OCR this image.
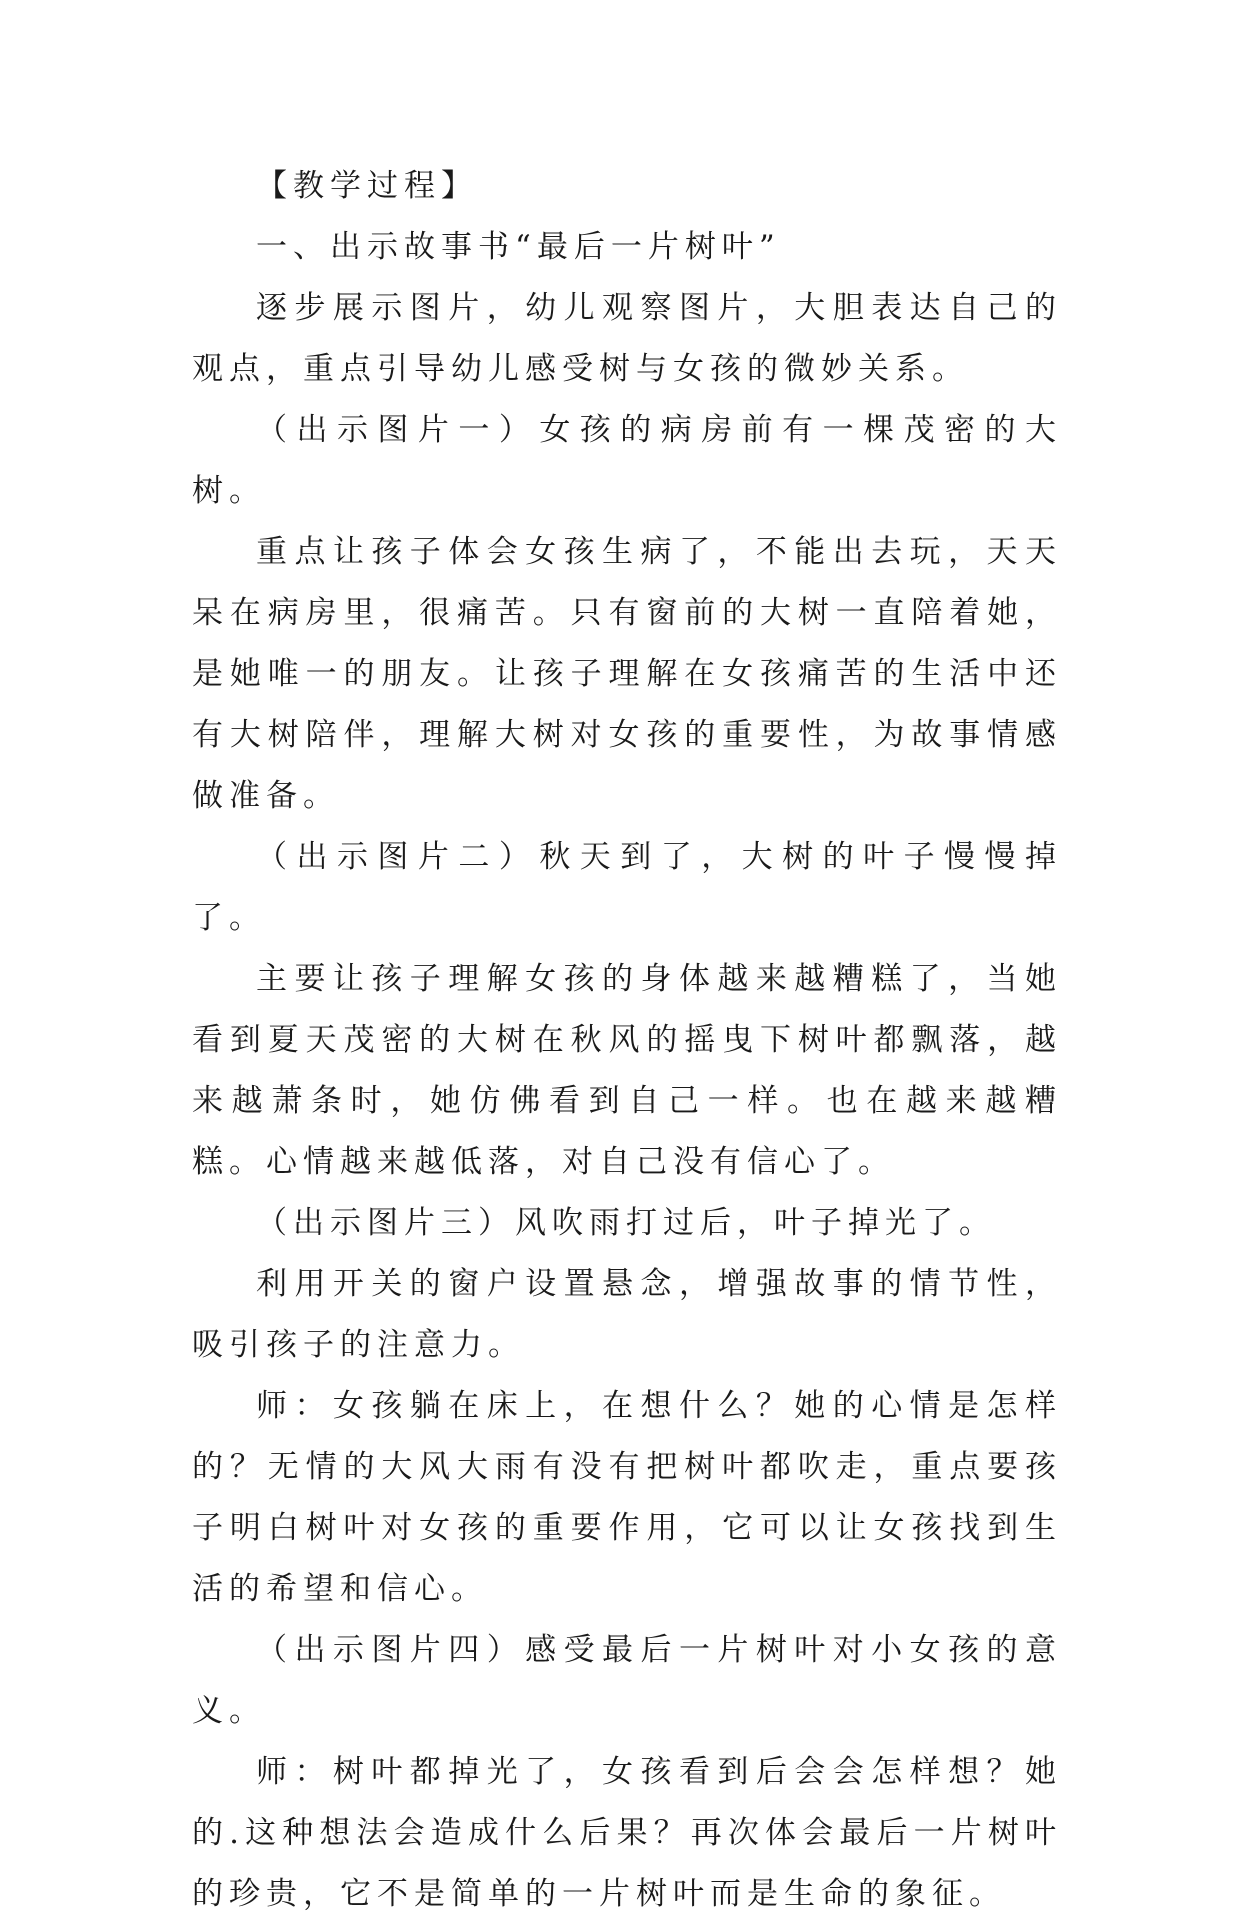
【教学过程】

一、出示故事书“最后一片树叶”

逐步展示图片，幼儿观察图片，大胆表达自己的观点，重点引导幼儿感受树与女孩的微妙关系。

（出示图片一）女孩的病房前有一棵茂密的大树。

重点让孩子体会女孩生病了，不能出去玩，天天呆在病房里，很痛苦。只有窗前的大树一直陪着她，是她唯一的朋友。让孩子理解在女孩痛苦的生活中还有大树陪伴，理解大树对女孩的重要性，为故事情感做准备。

（出示图片二）秋天到了，大树的叶子慢慢掉了。

主要让孩子理解女孩的身体越来越糟糕了，当她看到夏天茂密的大树在秋风的摇曳下树叶都飘落，越来越萧条时，她仿佛看到自己一样。也在越来越糟糕。心情越来越低落，对自己没有信心了。

（出示图片三）风吹雨打过后，叶子掉光了。

利用开关的窗户设置悬念，增强故事的情节性，吸引孩子的注意力。

师：女孩躺在床上，在想什么？她的心情是怎样的？无情的大风大雨有没有把树叶都吹走，重点要孩子明白树叶对女孩的重要作用，它可以让女孩找到生活的希望和信心。

（出示图片四）感受最后一片树叶对小女孩的意义。

师：树叶都掉光了，女孩看到后会会怎样想？她的.这种想法会造成什么后果？再次体会最后一片树叶的珍贵，它不是简单的一片树叶而是生命的象征。
